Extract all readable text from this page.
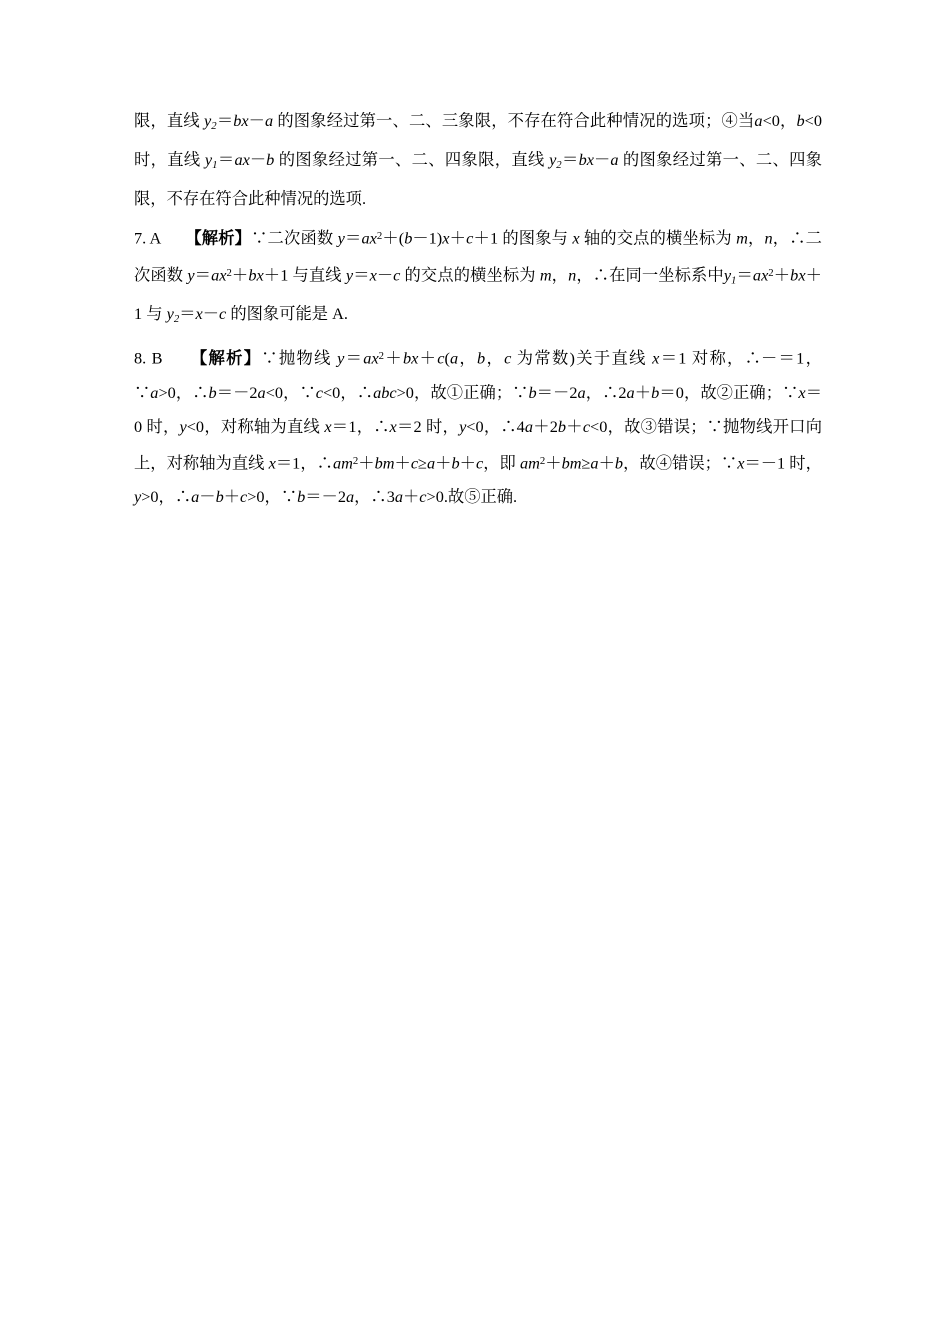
限，直线 $y_2=bx-a$ 的图象经过第一、二、三象限，不存在符合此种情况的选项；④当a<0，b<0 时，直线 $y_1=ax-b$ 的图象经过第一、二、四象限，直线 $y_2=bx-a$ 的图象经过第一、二、四象限，不存在符合此种情况的选项.
7. A　　 【解析】∵二次函数 $y=ax^2+(b-1)x+c+1$ 的图象与 x 轴的交点的横坐标为 m，n，∴二次函数 $y=ax^2+bx+1$ 与直线 y＝x－c 的交点的横坐标为 m，n，∴在同一坐标系中$y_1=ax^2+bx+1$ 与 $y_2=x-c$ 的图象可能是 A.
8. B　　 【解析】∵抛物线 $y=ax^2+bx+c(a$，b，c 为常数)关于直线 x＝1 对称，∴－＝1，∵a>0，∴b＝－2a<0，∵c<0，∴abc>0，故①正确；∵b＝－2a，∴2a＋b＝0，故②正确；∵x＝0 时，y<0，对称轴为直线 x＝1，∴x＝2 时，y<0，∴4a＋2b＋c<0，故③错误；∵抛物线开口向上，对称轴为直线 x＝1，$\therefore am^2+bm+c\ge a+b+c$，即 $am^2+bm\ge a+b$，故④错误；∵x＝－1 时，y>0，∴a－b＋c>0，∵b＝－2a，∴3a＋c>0.故⑤正确.
